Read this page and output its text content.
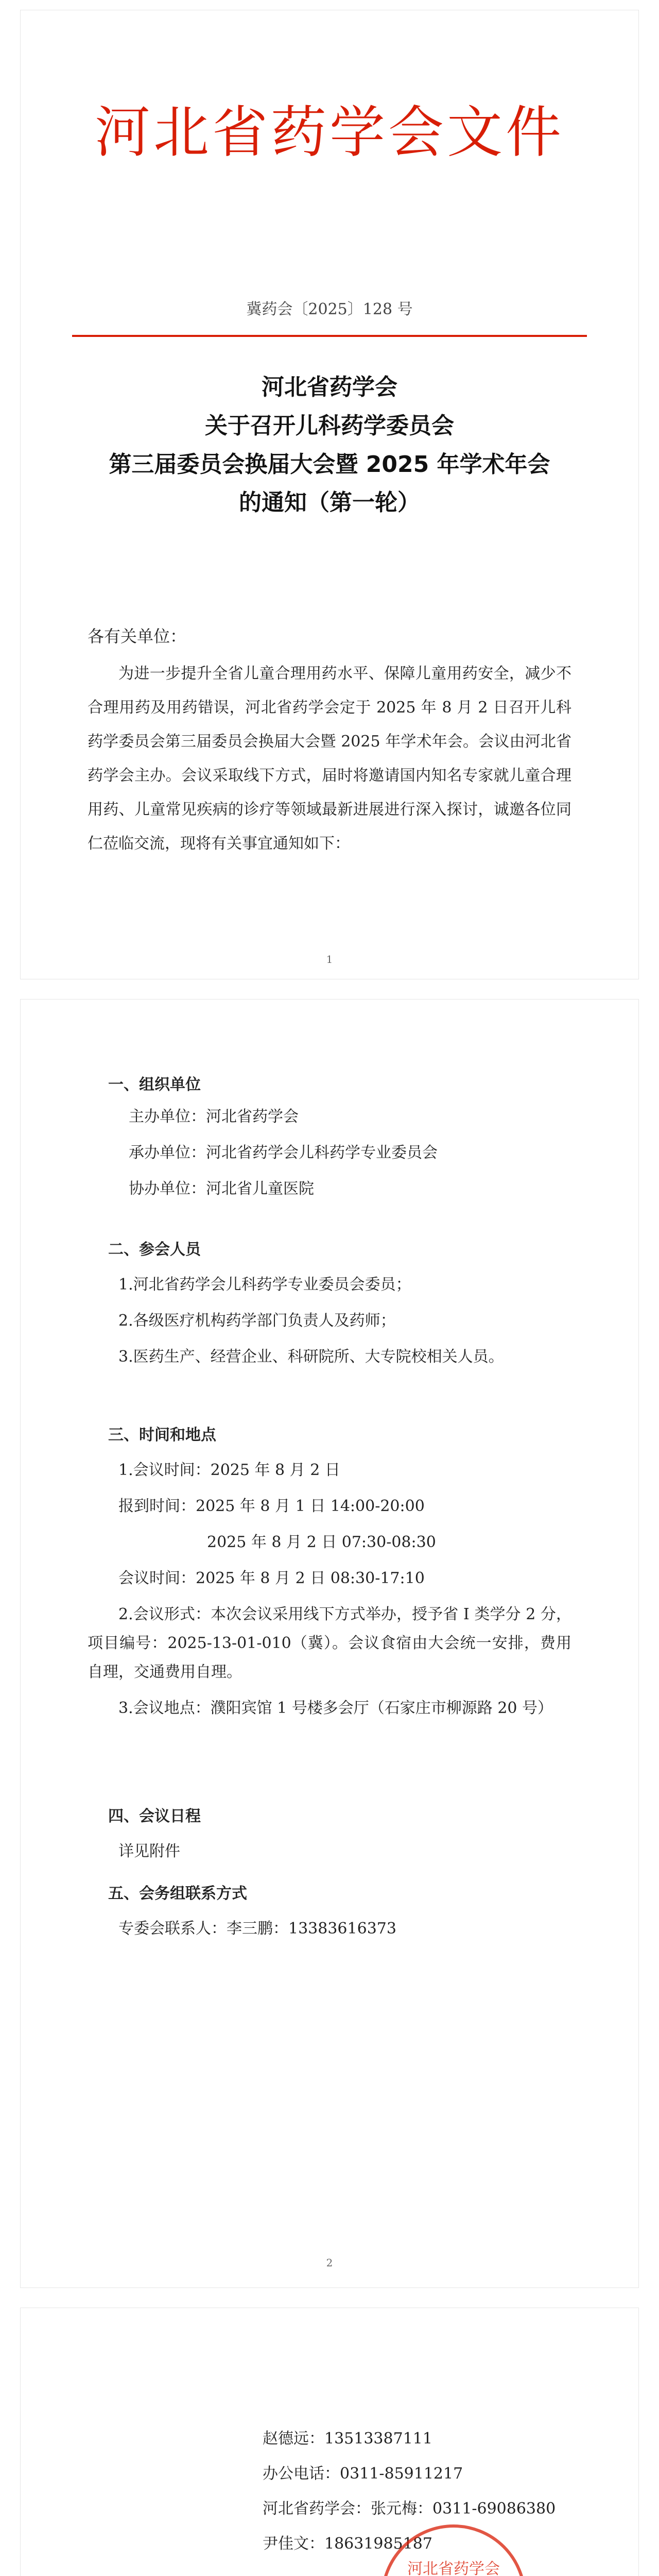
河北省药学会文件
冀药会〔2025〕128 号
河北省药学会
关于召开儿科药学委员会
第三届委员会换届大会暨 2025 年学术年会
的通知（第一轮）
各有关单位：
为进一步提升全省儿童合理用药水平、保障儿童用药安全，减少不合理用药及用药错误，河北省药学会定于 2025 年 8 月 2 日召开儿科药学委员会第三届委员会换届大会暨 2025 年学术年会。会议由河北省药学会主办。会议采取线下方式，届时将邀请国内知名专家就儿童合理用药、儿童常见疾病的诊疗等领域最新进展进行深入探讨，诚邀各位同仁莅临交流，现将有关事宜通知如下：
1
一、组织单位
主办单位：河北省药学会
承办单位：河北省药学会儿科药学专业委员会
协办单位：河北省儿童医院
二、参会人员
1.河北省药学会儿科药学专业委员会委员；
2.各级医疗机构药学部门负责人及药师；
3.医药生产、经营企业、科研院所、大专院校相关人员。
三、时间和地点
1.会议时间：2025 年 8 月 2 日
报到时间：2025 年 8 月 1 日 14:00-20:00
2025 年 8 月 2 日 07:30-08:30
会议时间：2025 年 8 月 2 日 08:30-17:10
2.会议形式：本次会议采用线下方式举办，授予省 I 类学分 2 分，项目编号：2025-13-01-010（冀）。会议食宿由大会统一安排，费用自理，交通费用自理。
3.会议地点：濮阳宾馆 1 号楼多会厅（石家庄市柳源路 20 号）
四、会议日程
详见附件
五、会务组联系方式
专委会联系人：李三鹏：13383616373
2
赵德远：13513387111
办公电话：0311-85911217
河北省药学会：张元梅：0311-69086380
尹佳文：18631985187
河北省药学会
